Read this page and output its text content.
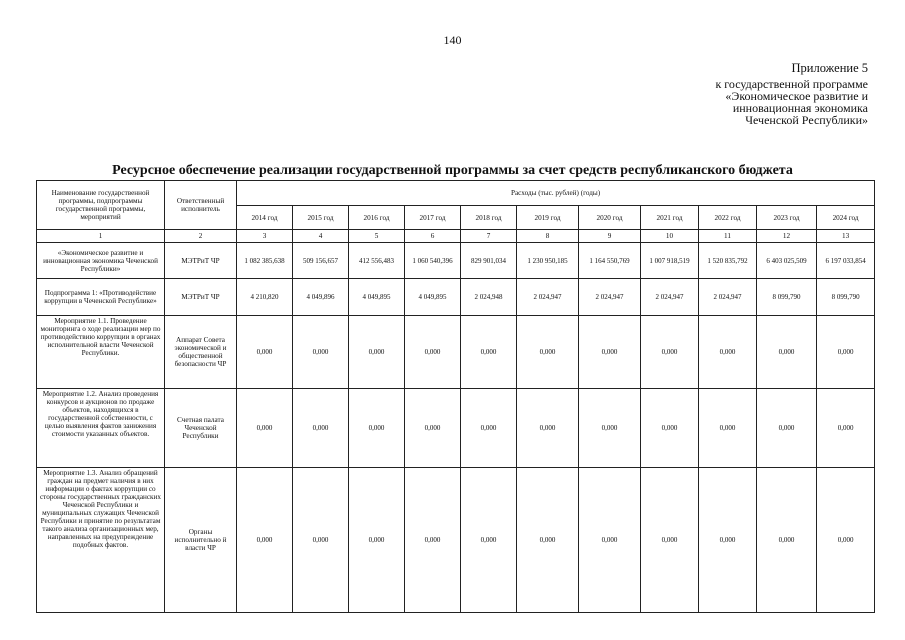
140
Приложение 5
к государственной программе
«Экономическое развитие и
инновационная экономика
Чеченской Республики»
Ресурсное обеспечение реализации государственной программы за счет средств республиканского бюджета
Наименование государственной программы, подпрограммы государственной программы, мероприятий	Ответственный исполнитель	Расходы (тыс. рублей) (годы)										
		2014 год	2015 год	2016 год	2017 год	2018 год	2019 год	2020 год	2021 год	2022 год	2023 год	2024 год
1	2	3	4	5	6	7	8	9	10	11	12	13
«Экономическое развитие и инновационная экономика Чеченской Республики»	МЭТРиТ ЧР	1 082 385,638	509 156,657	412 556,483	1 060 540,396	829 901,034	1 230 950,185	1 164 550,769	1 007 918,519	1 520 835,792	6 403 025,509	6 197 033,854
Подпрограмма 1: «Противодействие коррупции в Чеченской Республике»	МЭТРиТ ЧР	4 210,820	4 049,896	4 049,895	4 049,895	2 024,948	2 024,947	2 024,947	2 024,947	2 024,947	8 099,790	8 099,790
Мероприятие 1.1. Проведение мониторинга о ходе реализации мер по противодействию коррупции в органах исполнительной власти Чеченской Республики.	Аппарат Совета экономической и общественной безопасности ЧР	0,000	0,000	0,000	0,000	0,000	0,000	0,000	0,000	0,000	0,000	0,000
Мероприятие 1.2. Анализ проведения конкурсов и аукционов по продаже объектов, находящихся в государственной собственности, с целью выявления фактов занижения стоимости указанных объектов.	Счетная палата Чеченской Республики	0,000	0,000	0,000	0,000	0,000	0,000	0,000	0,000	0,000	0,000	0,000
Мероприятие 1.3. Анализ обращений граждан на предмет наличия в них информации о фактах коррупции со стороны государственных гражданских Чеченской Республики и муниципальных служащих Чеченской Республики и принятие по результатам такого анализа организационных мер, направленных на предупреждение подобных фактов.	Органы исполнительно й власти ЧР	0,000	0,000	0,000	0,000	0,000	0,000	0,000	0,000	0,000	0,000	0,000
